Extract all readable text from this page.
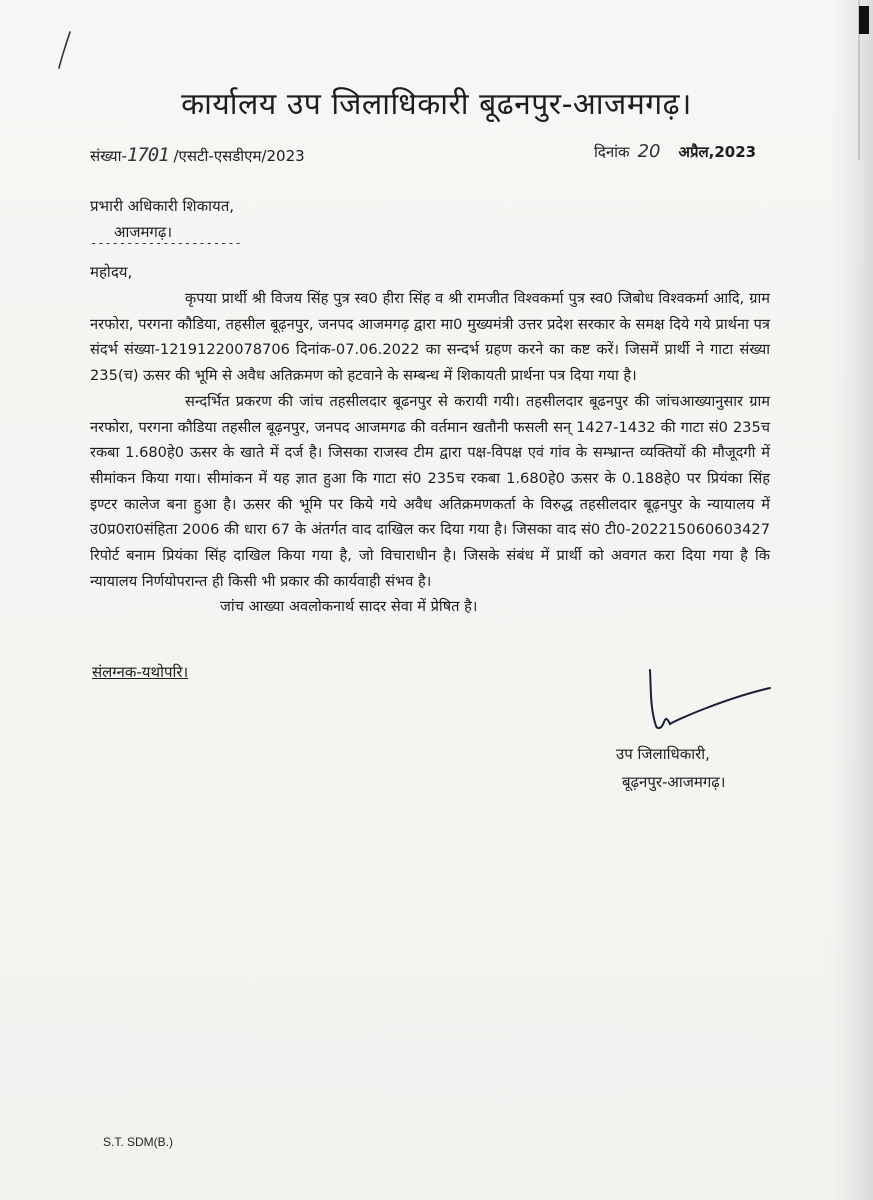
कार्यालय उप जिलाधिकारी बूढनपुर-आजमगढ़।
संख्या-1701 /एसटी-एसडीएम/2023	दिनांक 20 अप्रैल,2023
प्रभारी अधिकारी शिकायत,
आजमगढ़।
---------------------
महोदय,

कृपया प्रार्थी श्री विजय सिंह पुत्र स्व0 हीरा सिंह व श्री रामजीत विश्वकर्मा पुत्र स्व0 जिबोध विश्वकर्मा आदि, ग्राम नरफोरा, परगना कौडिया, तहसील बूढ़नपुर, जनपद आजमगढ़ द्वारा मा0 मुख्यमंत्री उत्तर प्रदेश सरकार के समक्ष दिये गये प्रार्थना पत्र संदर्भ संख्या-12191220078706 दिनांक-07.06.2022 का सन्दर्भ ग्रहण करने का कष्ट करें। जिसमें प्रार्थी ने गाटा संख्या 235(च) ऊसर की भूमि से अवैध अतिक्रमण को हटवाने के सम्बन्ध में शिकायती प्रार्थना पत्र दिया गया है।

सन्दर्भित प्रकरण की जांच तहसीलदार बूढनपुर से करायी गयी। तहसीलदार बूढनपुर की जांचआख्यानुसार ग्राम नरफोरा, परगना कौडिया तहसील बूढ़नपुर, जनपद आजमगढ की वर्तमान खतौनी फसली सन् 1427-1432 की गाटा सं0 235च रकबा 1.680हे0 ऊसर के खाते में दर्ज है। जिसका राजस्व टीम द्वारा पक्ष-विपक्ष एवं गांव के सम्भ्रान्त व्यक्तियों की मौजूदगी में सीमांकन किया गया। सीमांकन में यह ज्ञात हुआ कि गाटा सं0 235च रकबा 1.680हे0 ऊसर के 0.188हे0 पर प्रियंका सिंह इण्टर कालेज बना हुआ है। ऊसर की भूमि पर किये गये अवैध अतिक्रमणकर्ता के विरुद्ध तहसीलदार बूढ़नपुर के न्यायालय में उ0प्र0रा0संहिता 2006 की धारा 67 के अंतर्गत वाद दाखिल कर दिया गया है। जिसका वाद सं0 टी0-202215060603427 रिपोर्ट बनाम प्रियंका सिंह दाखिल किया गया है, जो विचाराधीन है। जिसके संबंध में प्रार्थी को अवगत करा दिया गया है कि न्यायालय निर्णयोपरान्त ही किसी भी प्रकार की कार्यवाही संभव है।

जांच आख्या अवलोकनार्थ सादर सेवा में प्रेषित है।

संलग्नक-यथोपरि।
उप जिलाधिकारी,
बूढ़नपुर-आजमगढ़।
S.T. SDM(B.)
